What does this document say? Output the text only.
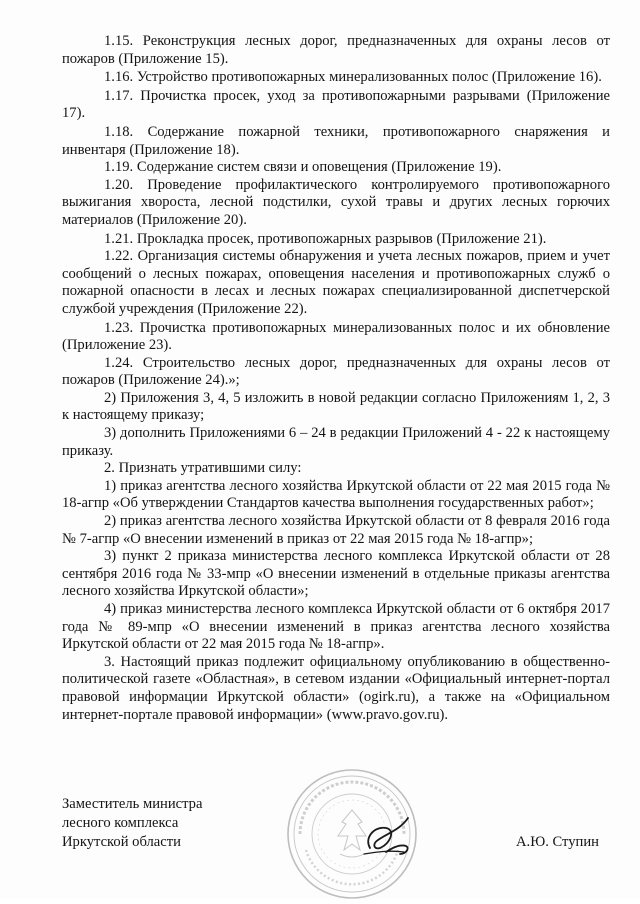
1.15. Реконструкция лесных дорог, предназначенных для охраны лесов от пожаров (Приложение 15).

1.16. Устройство противопожарных минерализованных полос (Приложение 16).

1.17. Прочистка просек, уход за противопожарными разрывами (Приложение 17).

1.18. Содержание пожарной техники, противопожарного снаряжения и инвентаря (Приложение 18).

1.19. Содержание систем связи и оповещения (Приложение 19).

1.20. Проведение профилактического контролируемого противопожарного выжигания хвороста, лесной подстилки, сухой травы и других лесных горючих материалов (Приложение 20).

1.21. Прокладка просек, противопожарных разрывов (Приложение 21).

1.22. Организация системы обнаружения и учета лесных пожаров, прием и учет сообщений о лесных пожарах, оповещения населения и противопожарных служб о пожарной опасности в лесах и лесных пожарах специализированной диспетчерской службой учреждения (Приложение 22).

1.23. Прочистка противопожарных минерализованных полос и их обновление (Приложение 23).

1.24. Строительство лесных дорог, предназначенных для охраны лесов от пожаров (Приложение 24).»;

2) Приложения 3, 4, 5 изложить в новой редакции согласно Приложениям 1, 2, 3 к настоящему приказу;

3) дополнить Приложениями 6 – 24 в редакции Приложений 4 - 22 к настоящему приказу.

2. Признать утратившими силу:

1) приказ агентства лесного хозяйства Иркутской области от 22 мая 2015 года № 18-агпр «Об утверждении Стандартов качества выполнения государственных работ»;

2) приказ агентства лесного хозяйства Иркутской области от 8 февраля 2016 года № 7-агпр «О внесении изменений в приказ от 22 мая 2015 года № 18-агпр»;

3) пункт 2 приказа министерства лесного комплекса Иркутской области от 28 сентября 2016 года № 33-мпр «О внесении изменений в отдельные приказы агентства лесного хозяйства Иркутской области»;

4) приказ министерства лесного комплекса Иркутской области от 6 октября 2017 года № 89-мпр «О внесении изменений в приказ агентства лесного хозяйства Иркутской области от 22 мая 2015 года № 18-агпр».

3. Настоящий приказ подлежит официальному опубликованию в общественно-политической газете «Областная», в сетевом издании «Официальный интернет-портал правовой информации Иркутской области» (ogirk.ru), а также на «Официальном интернет-портале правовой информации» (www.pravo.gov.ru).

Заместитель министра
лесного комплекса
Иркутской области	А.Ю. Ступин
